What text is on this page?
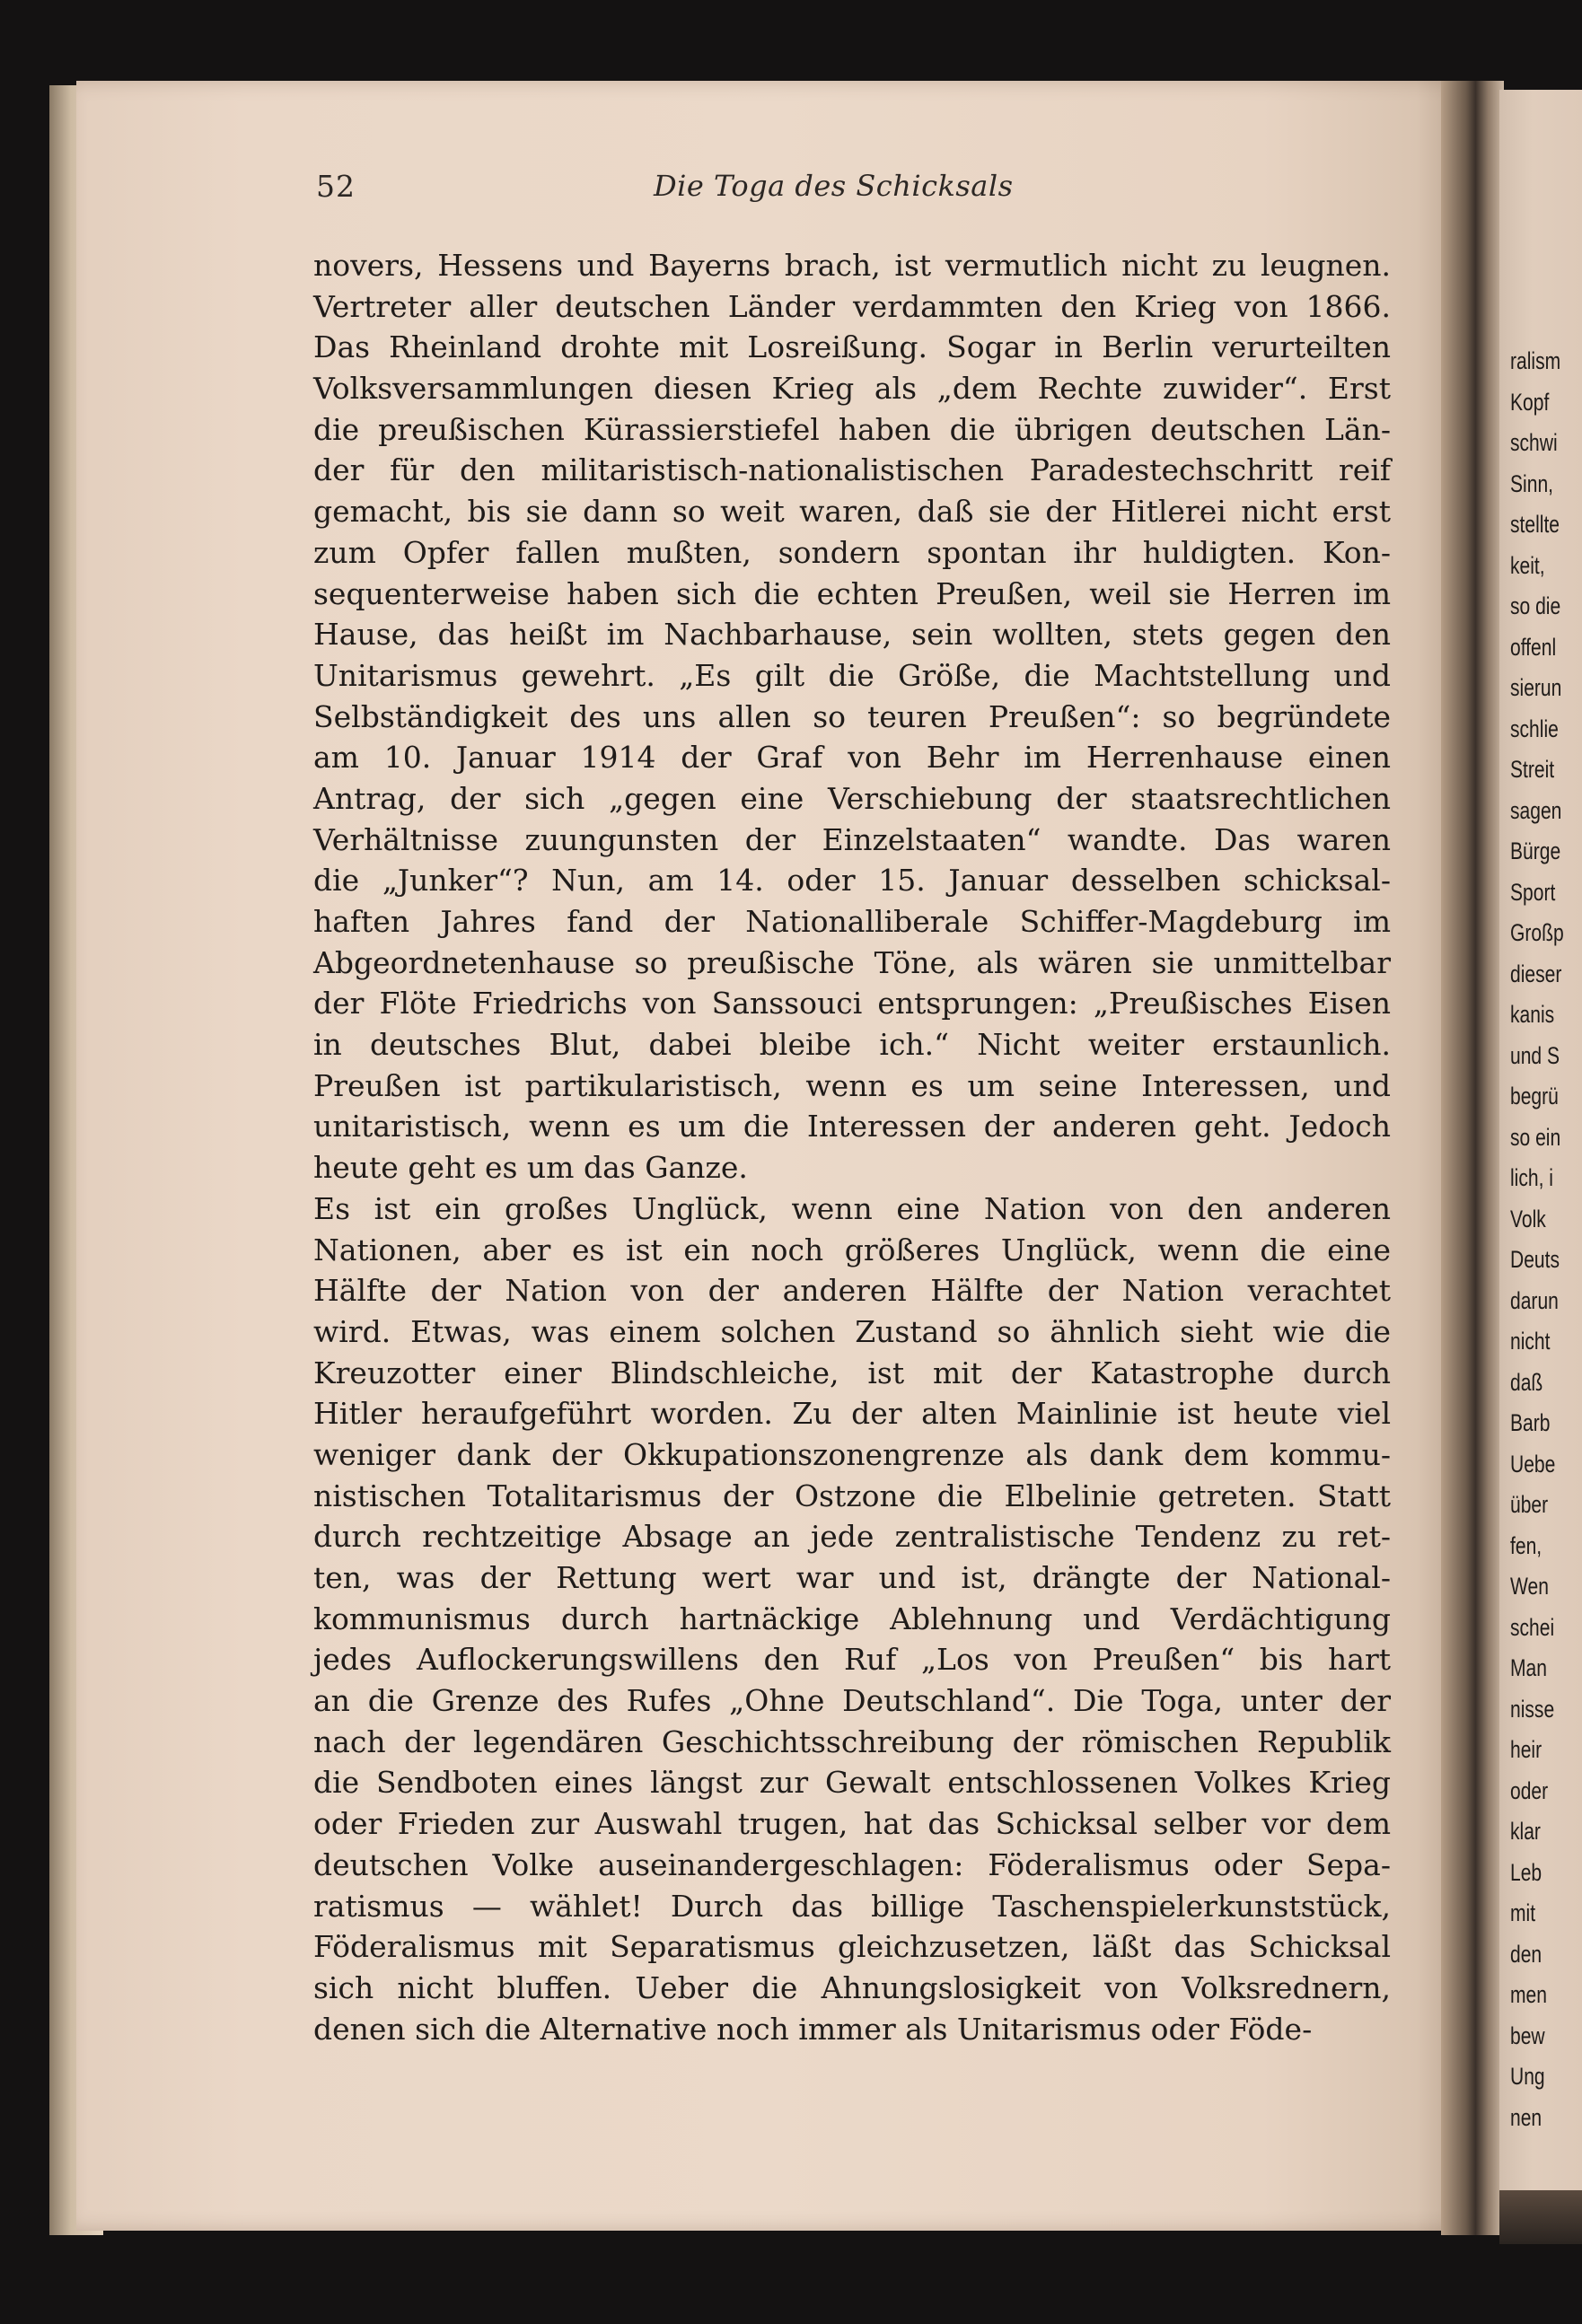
ralism
Kopf
schwi
Sinn,
stellte
keit,
so die
offenl
sierun
schlie
Streit
sagen
Bürge
Sport
Großp
dieser
kanis
und S
begrü
so ein
lich, i
Volk
Deuts
darun
nicht
daß
Barb
Uebe
über
fen,
Wen
schei
Man
nisse
heir
oder
klar
Leb
mit
den
men
bew
Ung
nen
52	Die Toga des Schicksals
novers, Hessens und Bayerns brach, ist vermutlich nicht zu leugnen.
Vertreter aller deutschen Länder verdammten den Krieg von 1866.
Das Rheinland drohte mit Losreißung. Sogar in Berlin verurteilten
Volksversammlungen diesen Krieg als „dem Rechte zuwider“. Erst
die preußischen Kürassierstiefel haben die übrigen deutschen Län-
der für den militaristisch-nationalistischen Paradestechschritt reif
gemacht, bis sie dann so weit waren, daß sie der Hitlerei nicht erst
zum Opfer fallen mußten, sondern spontan ihr huldigten. Kon-
sequenterweise haben sich die echten Preußen, weil sie Herren im
Hause, das heißt im Nachbarhause, sein wollten, stets gegen den
Unitarismus gewehrt. „Es gilt die Größe, die Machtstellung und
Selbständigkeit des uns allen so teuren Preußen“: so begründete
am 10. Januar 1914 der Graf von Behr im Herrenhause einen
Antrag, der sich „gegen eine Verschiebung der staatsrechtlichen
Verhältnisse zuungunsten der Einzelstaaten“ wandte. Das waren
die „Junker“? Nun, am 14. oder 15. Januar desselben schicksal-
haften Jahres fand der Nationalliberale Schiffer-Magdeburg im
Abgeordnetenhause so preußische Töne, als wären sie unmittelbar
der Flöte Friedrichs von Sanssouci entsprungen: „Preußisches Eisen
in deutsches Blut, dabei bleibe ich.“ Nicht weiter erstaunlich.
Preußen ist partikularistisch, wenn es um seine Interessen, und
unitaristisch, wenn es um die Interessen der anderen geht. Jedoch
heute geht es um das Ganze.
Es ist ein großes Unglück, wenn eine Nation von den anderen
Nationen, aber es ist ein noch größeres Unglück, wenn die eine
Hälfte der Nation von der anderen Hälfte der Nation verachtet
wird. Etwas, was einem solchen Zustand so ähnlich sieht wie die
Kreuzotter einer Blindschleiche, ist mit der Katastrophe durch
Hitler heraufgeführt worden. Zu der alten Mainlinie ist heute viel
weniger dank der Okkupationszonengrenze als dank dem kommu-
nistischen Totalitarismus der Ostzone die Elbelinie getreten. Statt
durch rechtzeitige Absage an jede zentralistische Tendenz zu ret-
ten, was der Rettung wert war und ist, drängte der National-
kommunismus durch hartnäckige Ablehnung und Verdächtigung
jedes Auflockerungswillens den Ruf „Los von Preußen“ bis hart
an die Grenze des Rufes „Ohne Deutschland“. Die Toga, unter der
nach der legendären Geschichtsschreibung der römischen Republik
die Sendboten eines längst zur Gewalt entschlossenen Volkes Krieg
oder Frieden zur Auswahl trugen, hat das Schicksal selber vor dem
deutschen Volke auseinandergeschlagen: Föderalismus oder Sepa-
ratismus — wählet! Durch das billige Taschenspielerkunststück,
Föderalismus mit Separatismus gleichzusetzen, läßt das Schicksal
sich nicht bluffen. Ueber die Ahnungslosigkeit von Volksrednern,
denen sich die Alternative noch immer als Unitarismus oder Föde-
